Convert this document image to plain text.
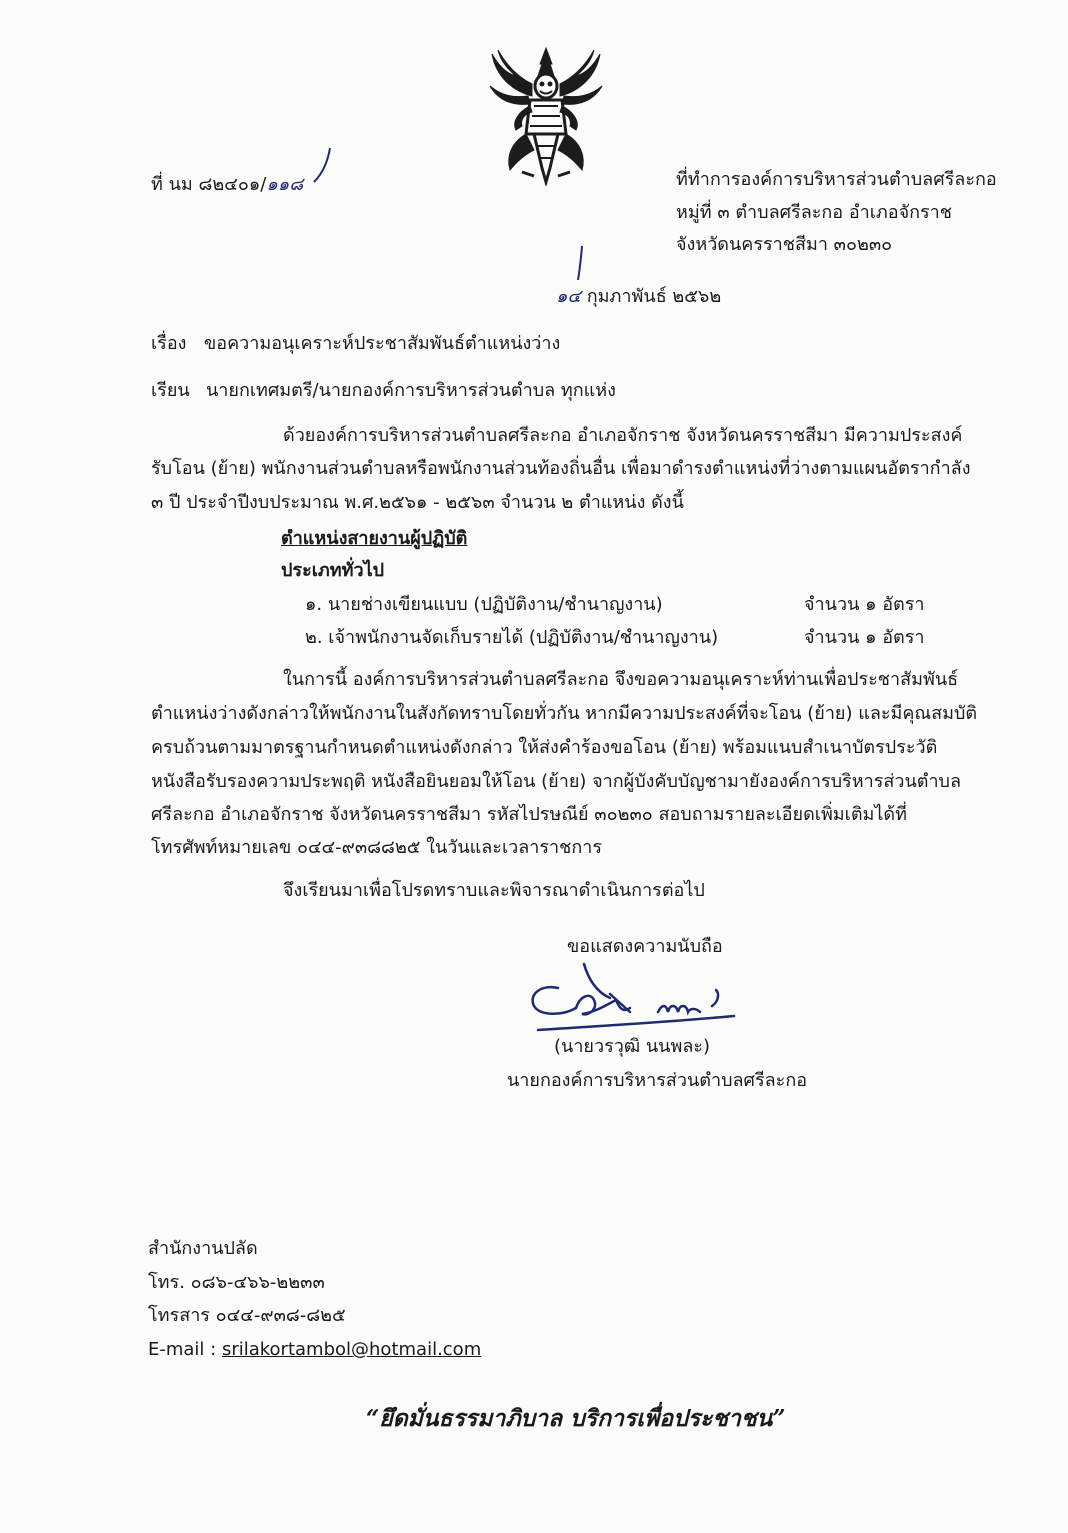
ที่ นม ๘๒๔๐๑/๑๑๘	ที่ทำการองค์การบริหารส่วนตำบลศรีละกอ
หมู่ที่ ๓ ตำบลศรีละกอ อำเภอจักราช
จังหวัดนครราชสีมา ๓๐๒๓๐
๑๔ กุมภาพันธ์ ๒๕๖๒
เรื่อง ขอความอนุเคราะห์ประชาสัมพันธ์ตำแหน่งว่าง
เรียน นายกเทศมตรี/นายกองค์การบริหารส่วนตำบล ทุกแห่ง
ด้วยองค์การบริหารส่วนตำบลศรีละกอ อำเภอจักราช จังหวัดนครราชสีมา มีความประสงค์
รับโอน (ย้าย) พนักงานส่วนตำบลหรือพนักงานส่วนท้องถิ่นอื่น เพื่อมาดำรงตำแหน่งที่ว่างตามแผนอัตรากำลัง
๓ ปี ประจำปีงบประมาณ พ.ศ.๒๕๖๑ - ๒๕๖๓ จำนวน ๒ ตำแหน่ง ดังนี้
ตำแหน่งสายงานผู้ปฏิบัติ
ประเภททั่วไป
๑. นายช่างเขียนแบบ (ปฏิบัติงาน/ชำนาญงาน)	จำนวน ๑ อัตรา
๒. เจ้าพนักงานจัดเก็บรายได้ (ปฏิบัติงาน/ชำนาญงาน)	จำนวน ๑ อัตรา
ในการนี้ องค์การบริหารส่วนตำบลศรีละกอ จึงขอความอนุเคราะห์ท่านเพื่อประชาสัมพันธ์
ตำแหน่งว่างดังกล่าวให้พนักงานในสังกัดทราบโดยทั่วกัน หากมีความประสงค์ที่จะโอน (ย้าย) และมีคุณสมบัติ
ครบถ้วนตามมาตรฐานกำหนดตำแหน่งดังกล่าว ให้ส่งคำร้องขอโอน (ย้าย) พร้อมแนบสำเนาบัตรประวัติ
หนังสือรับรองความประพฤติ หนังสือยินยอมให้โอน (ย้าย) จากผู้บังคับบัญชามายังองค์การบริหารส่วนตำบล
ศรีละกอ อำเภอจักราช จังหวัดนครราชสีมา รหัสไปรษณีย์ ๓๐๒๓๐ สอบถามรายละเอียดเพิ่มเติมได้ที่
โทรศัพท์หมายเลข ๐๔๔-๙๓๘๘๒๕ ในวันและเวลาราชการ
จึงเรียนมาเพื่อโปรดทราบและพิจารณาดำเนินการต่อไป
ขอแสดงความนับถือ
(นายวรวุฒิ นนพละ)
นายกองค์การบริหารส่วนตำบลศรีละกอ
สำนักงานปลัด
โทร. ๐๘๖-๔๖๖-๒๒๓๓
โทรสาร ๐๔๔-๙๓๘-๘๒๕
E-mail : srilakortambol@hotmail.com
“ยึดมั่นธรรมาภิบาล บริการเพื่อประชาชน”
